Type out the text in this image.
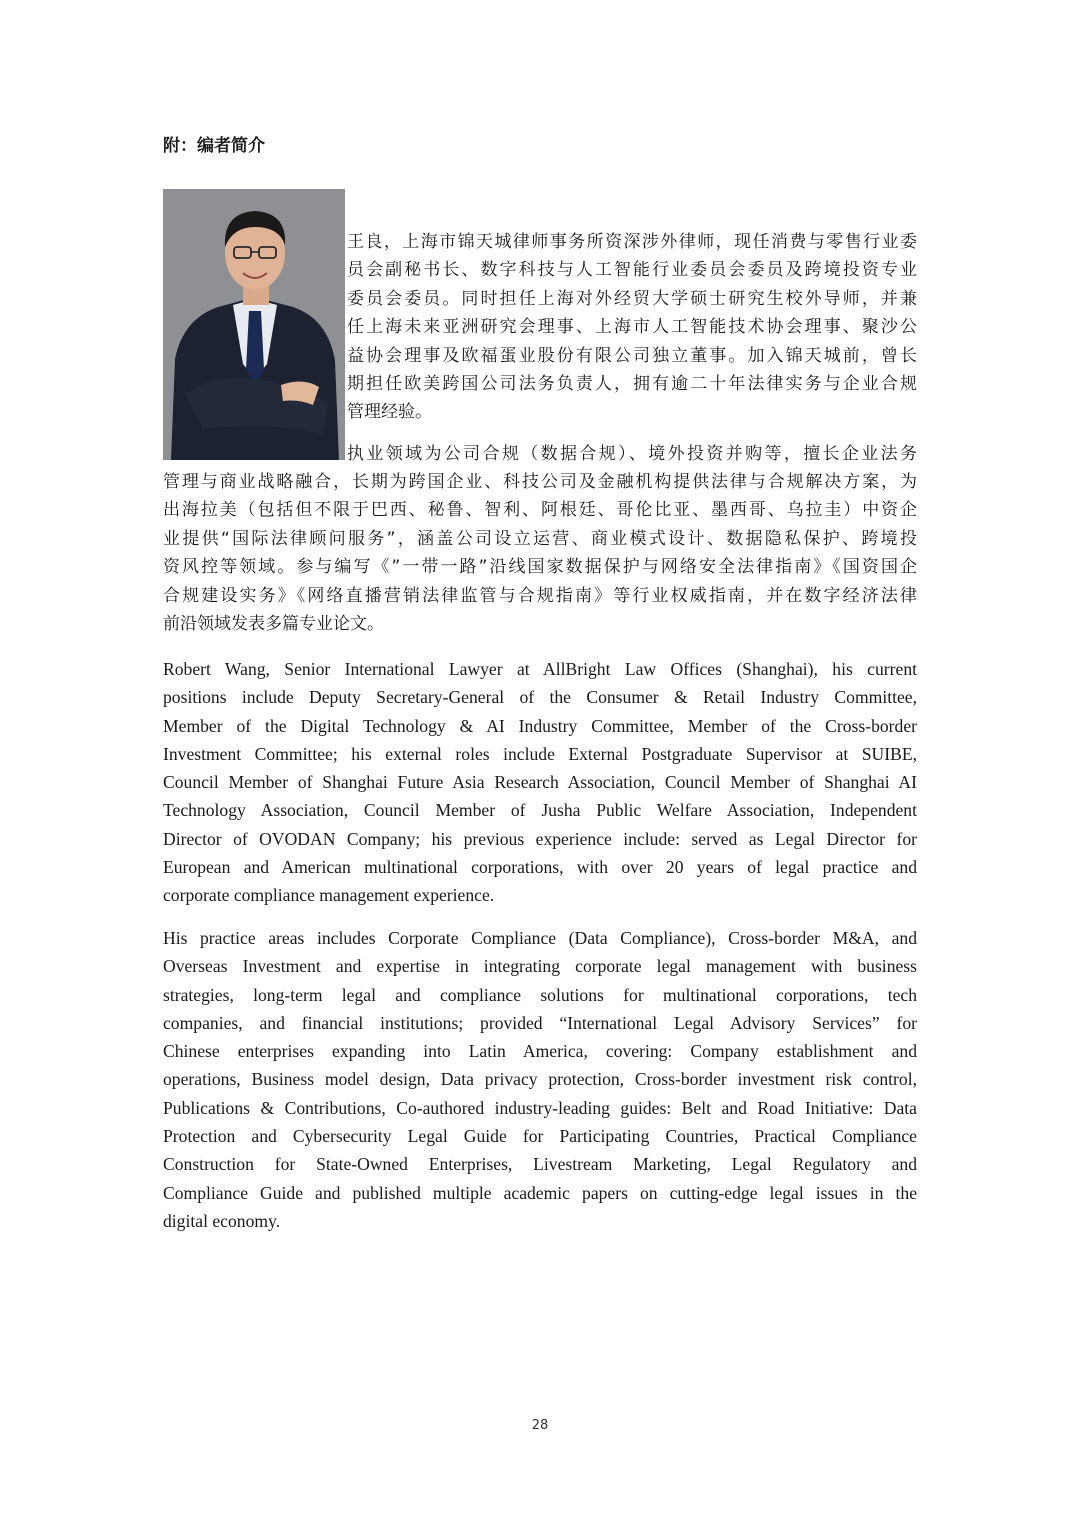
附：编者简介
王良，上海市锦天城律师事务所资深涉外律师，现任消费与零售行业委
员会副秘书长、数字科技与人工智能行业委员会委员及跨境投资专业
委员会委员。同时担任上海对外经贸大学硕士研究生校外导师，并兼
任上海未来亚洲研究会理事、上海市人工智能技术协会理事、聚沙公
益协会理事及欧福蛋业股份有限公司独立董事。加入锦天城前，曾长
期担任欧美跨国公司法务负责人，拥有逾二十年法律实务与企业合规
管理经验。
执业领域为公司合规（数据合规）、境外投资并购等，擅长企业法务
管理与商业战略融合，长期为跨国企业、科技公司及金融机构提供法律与合规解决方案，为
出海拉美（包括但不限于巴西、秘鲁、智利、阿根廷、哥伦比亚、墨西哥、乌拉圭）中资企
业提供“国际法律顾问服务”，涵盖公司设立运营、商业模式设计、数据隐私保护、跨境投
资风控等领域。参与编写《”一带一路”沿线国家数据保护与网络安全法律指南》《国资国企
合规建设实务》《网络直播营销法律监管与合规指南》等行业权威指南，并在数字经济法律
前沿领域发表多篇专业论文。
Robert Wang, Senior International Lawyer at AllBright Law Offices (Shanghai), his current
positions include Deputy Secretary-General of the Consumer & Retail Industry Committee,
Member of the Digital Technology & AI Industry Committee, Member of the Cross-border
Investment Committee; his external roles include External Postgraduate Supervisor at SUIBE,
Council Member of Shanghai Future Asia Research Association, Council Member of Shanghai AI
Technology Association, Council Member of Jusha Public Welfare Association, Independent
Director of OVODAN Company; his previous experience include: served as Legal Director for
European and American multinational corporations, with over 20 years of legal practice and
corporate compliance management experience.
His practice areas includes Corporate Compliance (Data Compliance), Cross-border M&A, and
Overseas Investment and expertise in integrating corporate legal management with business
strategies, long-term legal and compliance solutions for multinational corporations, tech
companies, and financial institutions; provided “International Legal Advisory Services” for
Chinese enterprises expanding into Latin America, covering: Company establishment and
operations, Business model design, Data privacy protection, Cross-border investment risk control,
Publications & Contributions, Co-authored industry-leading guides: Belt and Road Initiative: Data
Protection and Cybersecurity Legal Guide for Participating Countries, Practical Compliance
Construction for State-Owned Enterprises, Livestream Marketing, Legal Regulatory and
Compliance Guide and published multiple academic papers on cutting-edge legal issues in the
digital economy.
28
